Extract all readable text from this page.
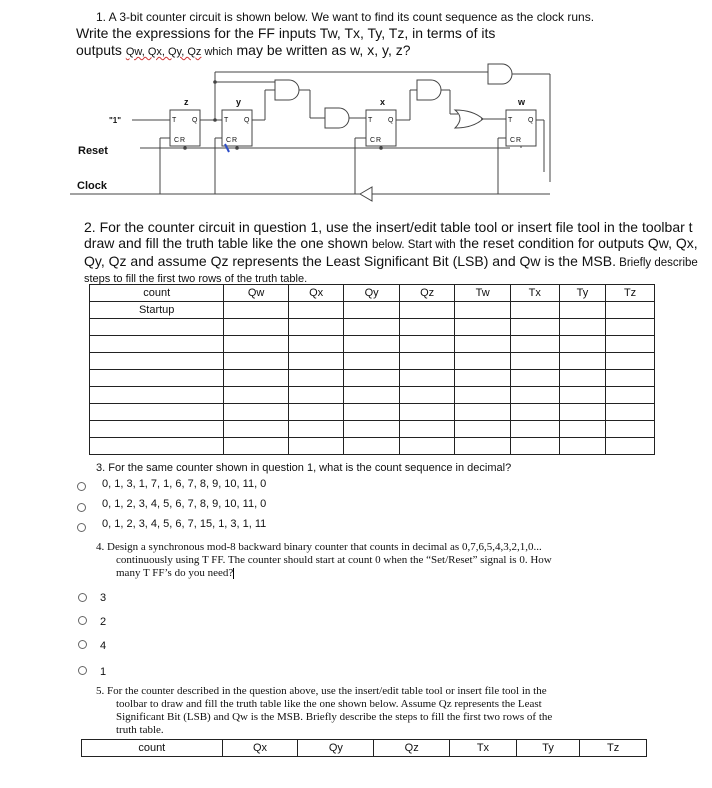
1. A 3-bit counter circuit is shown below. We want to find its count sequence as the clock runs.
Write the expressions for the FF inputs Tw, Tx, Ty, Tz, in terms of its
outputs Qw, Qx, Qy, Qz which may be written as w, x, y, z?
z	y	x	w
"1"	T Q
C R
T Q
C R
T Q
C R
T Q
C R
Reset
Clock
2. For the counter circuit in question 1, use the insert/edit table tool or insert file tool in the toolbar t
draw and fill the truth table like the one shown below. Start with the reset condition for outputs Qw, Qx,
Qy, Qz and assume Qz represents the Least Significant Bit (LSB) and Qw is the MSB. Briefly describe
steps to fill the first two rows of the truth table.
count	Qw	Qx	Qy	Qz	Tw	Tx	Ty	Tz
Startup								

3. For the same counter shown in question 1, what is the count sequence in decimal?
0, 1, 3, 1, 7, 1, 6, 7, 8, 9, 10, 11, 0
0, 1, 2, 3, 4, 5, 6, 7, 8, 9, 10, 11, 0
0, 1, 2, 3, 4, 5, 6, 7, 15, 1, 3, 1, 11
4. Design a synchronous mod-8 backward binary counter that counts in decimal as 0,7,6,5,4,3,2,1,0...
continuously using T FF. The counter should start at count 0 when the “Set/Reset” signal is 0. How
many T FF’s do you need?
3
2
4
1
5. For the counter described in the question above, use the insert/edit table tool or insert file tool in the
toolbar to draw and fill the truth table like the one shown below. Assume Qz represents the Least
Significant Bit (LSB) and Qw is the MSB. Briefly describe the steps to fill the first two rows of the
truth table.
count	Qx	Qy	Qz	Tx	Ty	Tz
